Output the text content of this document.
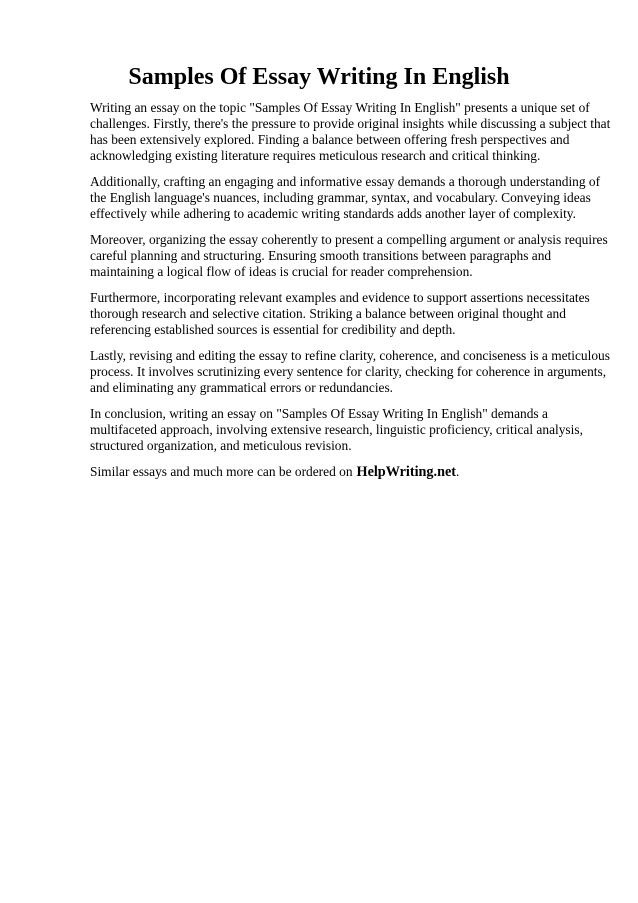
Samples Of Essay Writing In English

Writing an essay on the topic "Samples Of Essay Writing In English" presents a unique set of
challenges. Firstly, there's the pressure to provide original insights while discussing a subject that
has been extensively explored. Finding a balance between offering fresh perspectives and
acknowledging existing literature requires meticulous research and critical thinking.

Additionally, crafting an engaging and informative essay demands a thorough understanding of
the English language's nuances, including grammar, syntax, and vocabulary. Conveying ideas
effectively while adhering to academic writing standards adds another layer of complexity.

Moreover, organizing the essay coherently to present a compelling argument or analysis requires
careful planning and structuring. Ensuring smooth transitions between paragraphs and
maintaining a logical flow of ideas is crucial for reader comprehension.

Furthermore, incorporating relevant examples and evidence to support assertions necessitates
thorough research and selective citation. Striking a balance between original thought and
referencing established sources is essential for credibility and depth.

Lastly, revising and editing the essay to refine clarity, coherence, and conciseness is a meticulous
process. It involves scrutinizing every sentence for clarity, checking for coherence in arguments,
and eliminating any grammatical errors or redundancies.

In conclusion, writing an essay on "Samples Of Essay Writing In English" demands a
multifaceted approach, involving extensive research, linguistic proficiency, critical analysis,
structured organization, and meticulous revision.

Similar essays and much more can be ordered on HelpWriting.net.
